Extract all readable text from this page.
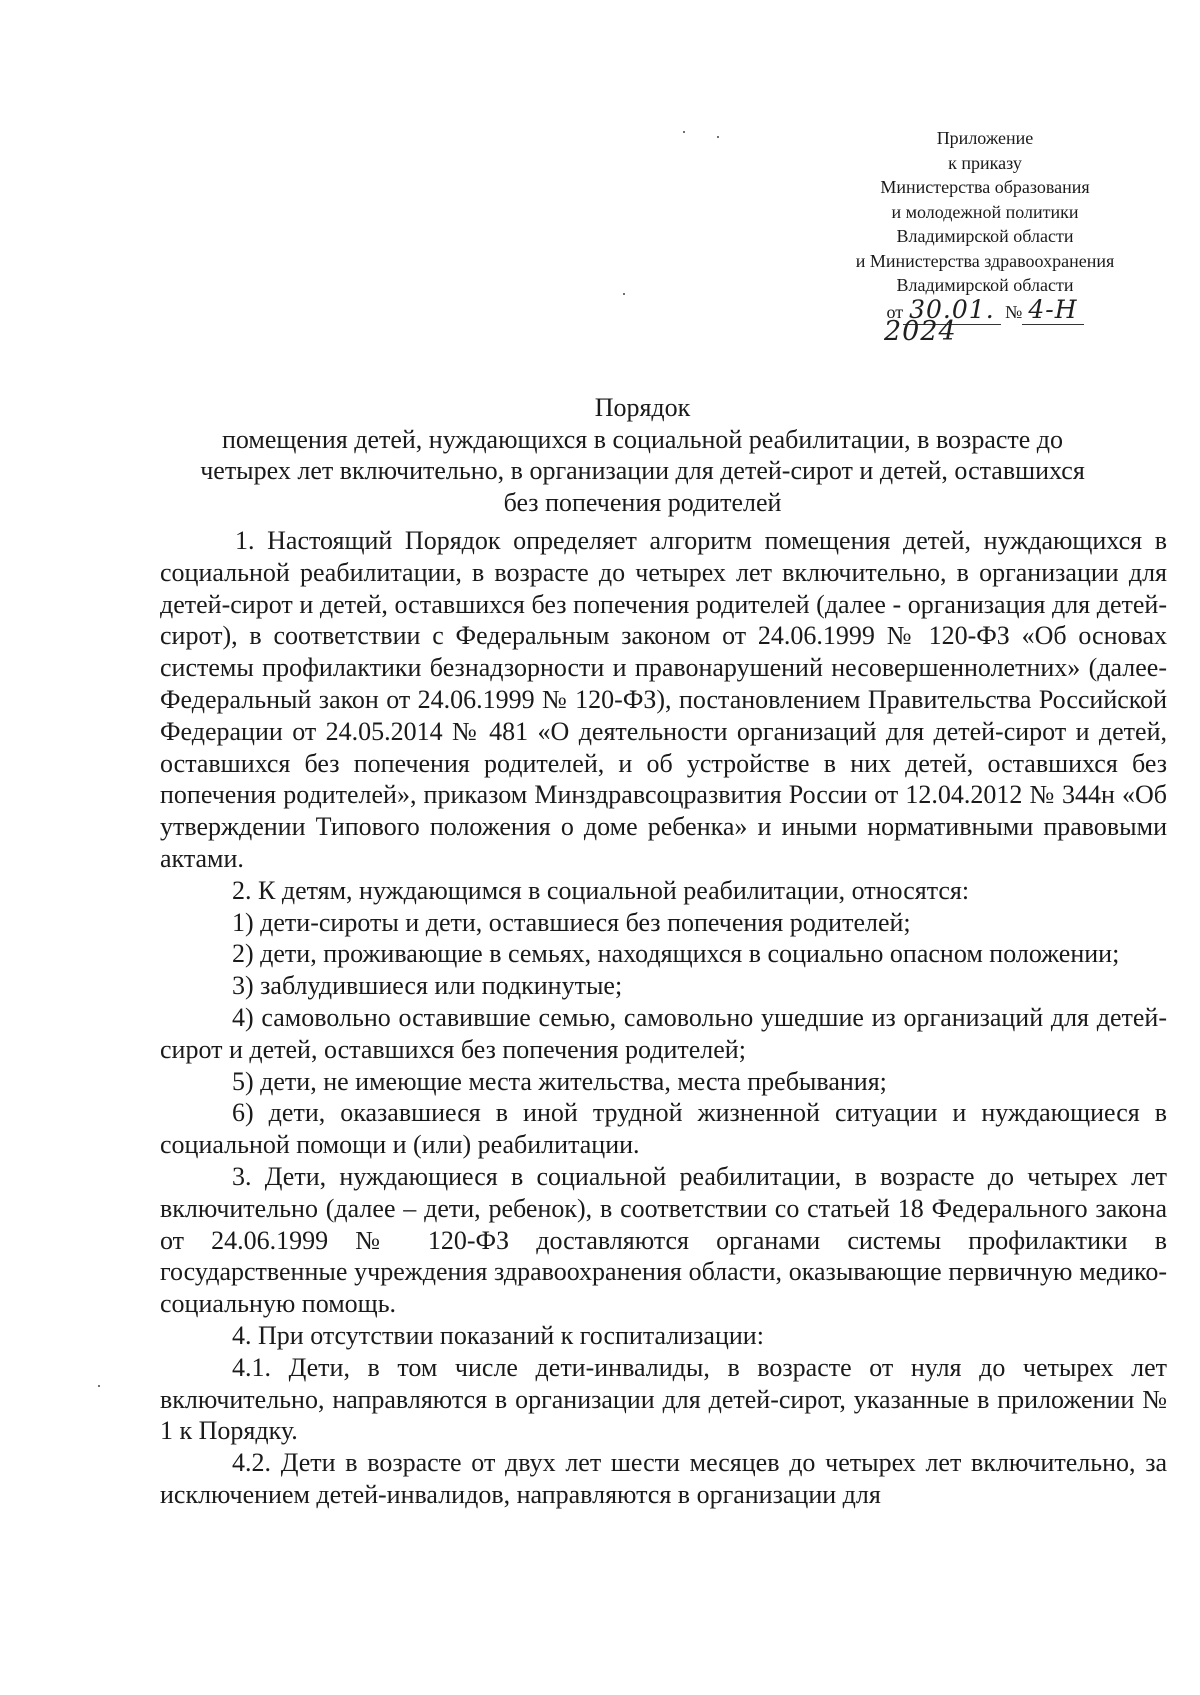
Приложение
к приказу
Министерства образования
и молодежной политики
Владимирской области
и Министерства здравоохранения
Владимирской области
от 30.01. № 4-Н
2024
Порядок
помещения детей, нуждающихся в социальной реабилитации, в возрасте до
четырех лет включительно, в организации для детей-сирот и детей, оставшихся
без попечения родителей

1. Настоящий Порядок определяет алгоритм помещения детей, нуждающихся в социальной реабилитации, в возрасте до четырех лет включительно, в организации для детей-сирот и детей, оставшихся без попечения родителей (далее - организация для детей-сирот), в соответствии с Федеральным законом от 24.06.1999 № 120-ФЗ «Об основах системы профилактики безнадзорности и правонарушений несовершеннолетних» (далее-Федеральный закон от 24.06.1999 № 120-ФЗ), постановлением Правительства Российской Федерации от 24.05.2014 № 481 «О деятельности организаций для детей-сирот и детей, оставшихся без попечения родителей, и об устройстве в них детей, оставшихся без попечения родителей», приказом Минздравсоцразвития России от 12.04.2012 № 344н «Об утверждении Типового положения о доме ребенка» и иными нормативными правовыми актами.

2. К детям, нуждающимся в социальной реабилитации, относятся:

1) дети-сироты и дети, оставшиеся без попечения родителей;

2) дети, проживающие в семьях, находящихся в социально опасном положении;

3) заблудившиеся или подкинутые;

4) самовольно оставившие семью, самовольно ушедшие из организаций для детей-сирот и детей, оставшихся без попечения родителей;

5) дети, не имеющие места жительства, места пребывания;

6) дети, оказавшиеся в иной трудной жизненной ситуации и нуждающиеся в социальной помощи и (или) реабилитации.

3. Дети, нуждающиеся в социальной реабилитации, в возрасте до четырех лет включительно (далее – дети, ребенок), в соответствии со статьей 18 Федерального закона от 24.06.1999 № 120-ФЗ доставляются органами системы профилактики в государственные учреждения здравоохранения области, оказывающие первичную медико-социальную помощь.

4. При отсутствии показаний к госпитализации:

4.1. Дети, в том числе дети-инвалиды, в возрасте от нуля до четырех лет включительно, направляются в организации для детей-сирот, указанные в приложении № 1 к Порядку.

4.2. Дети в возрасте от двух лет шести месяцев до четырех лет включительно, за исключением детей-инвалидов, направляются в организации для
